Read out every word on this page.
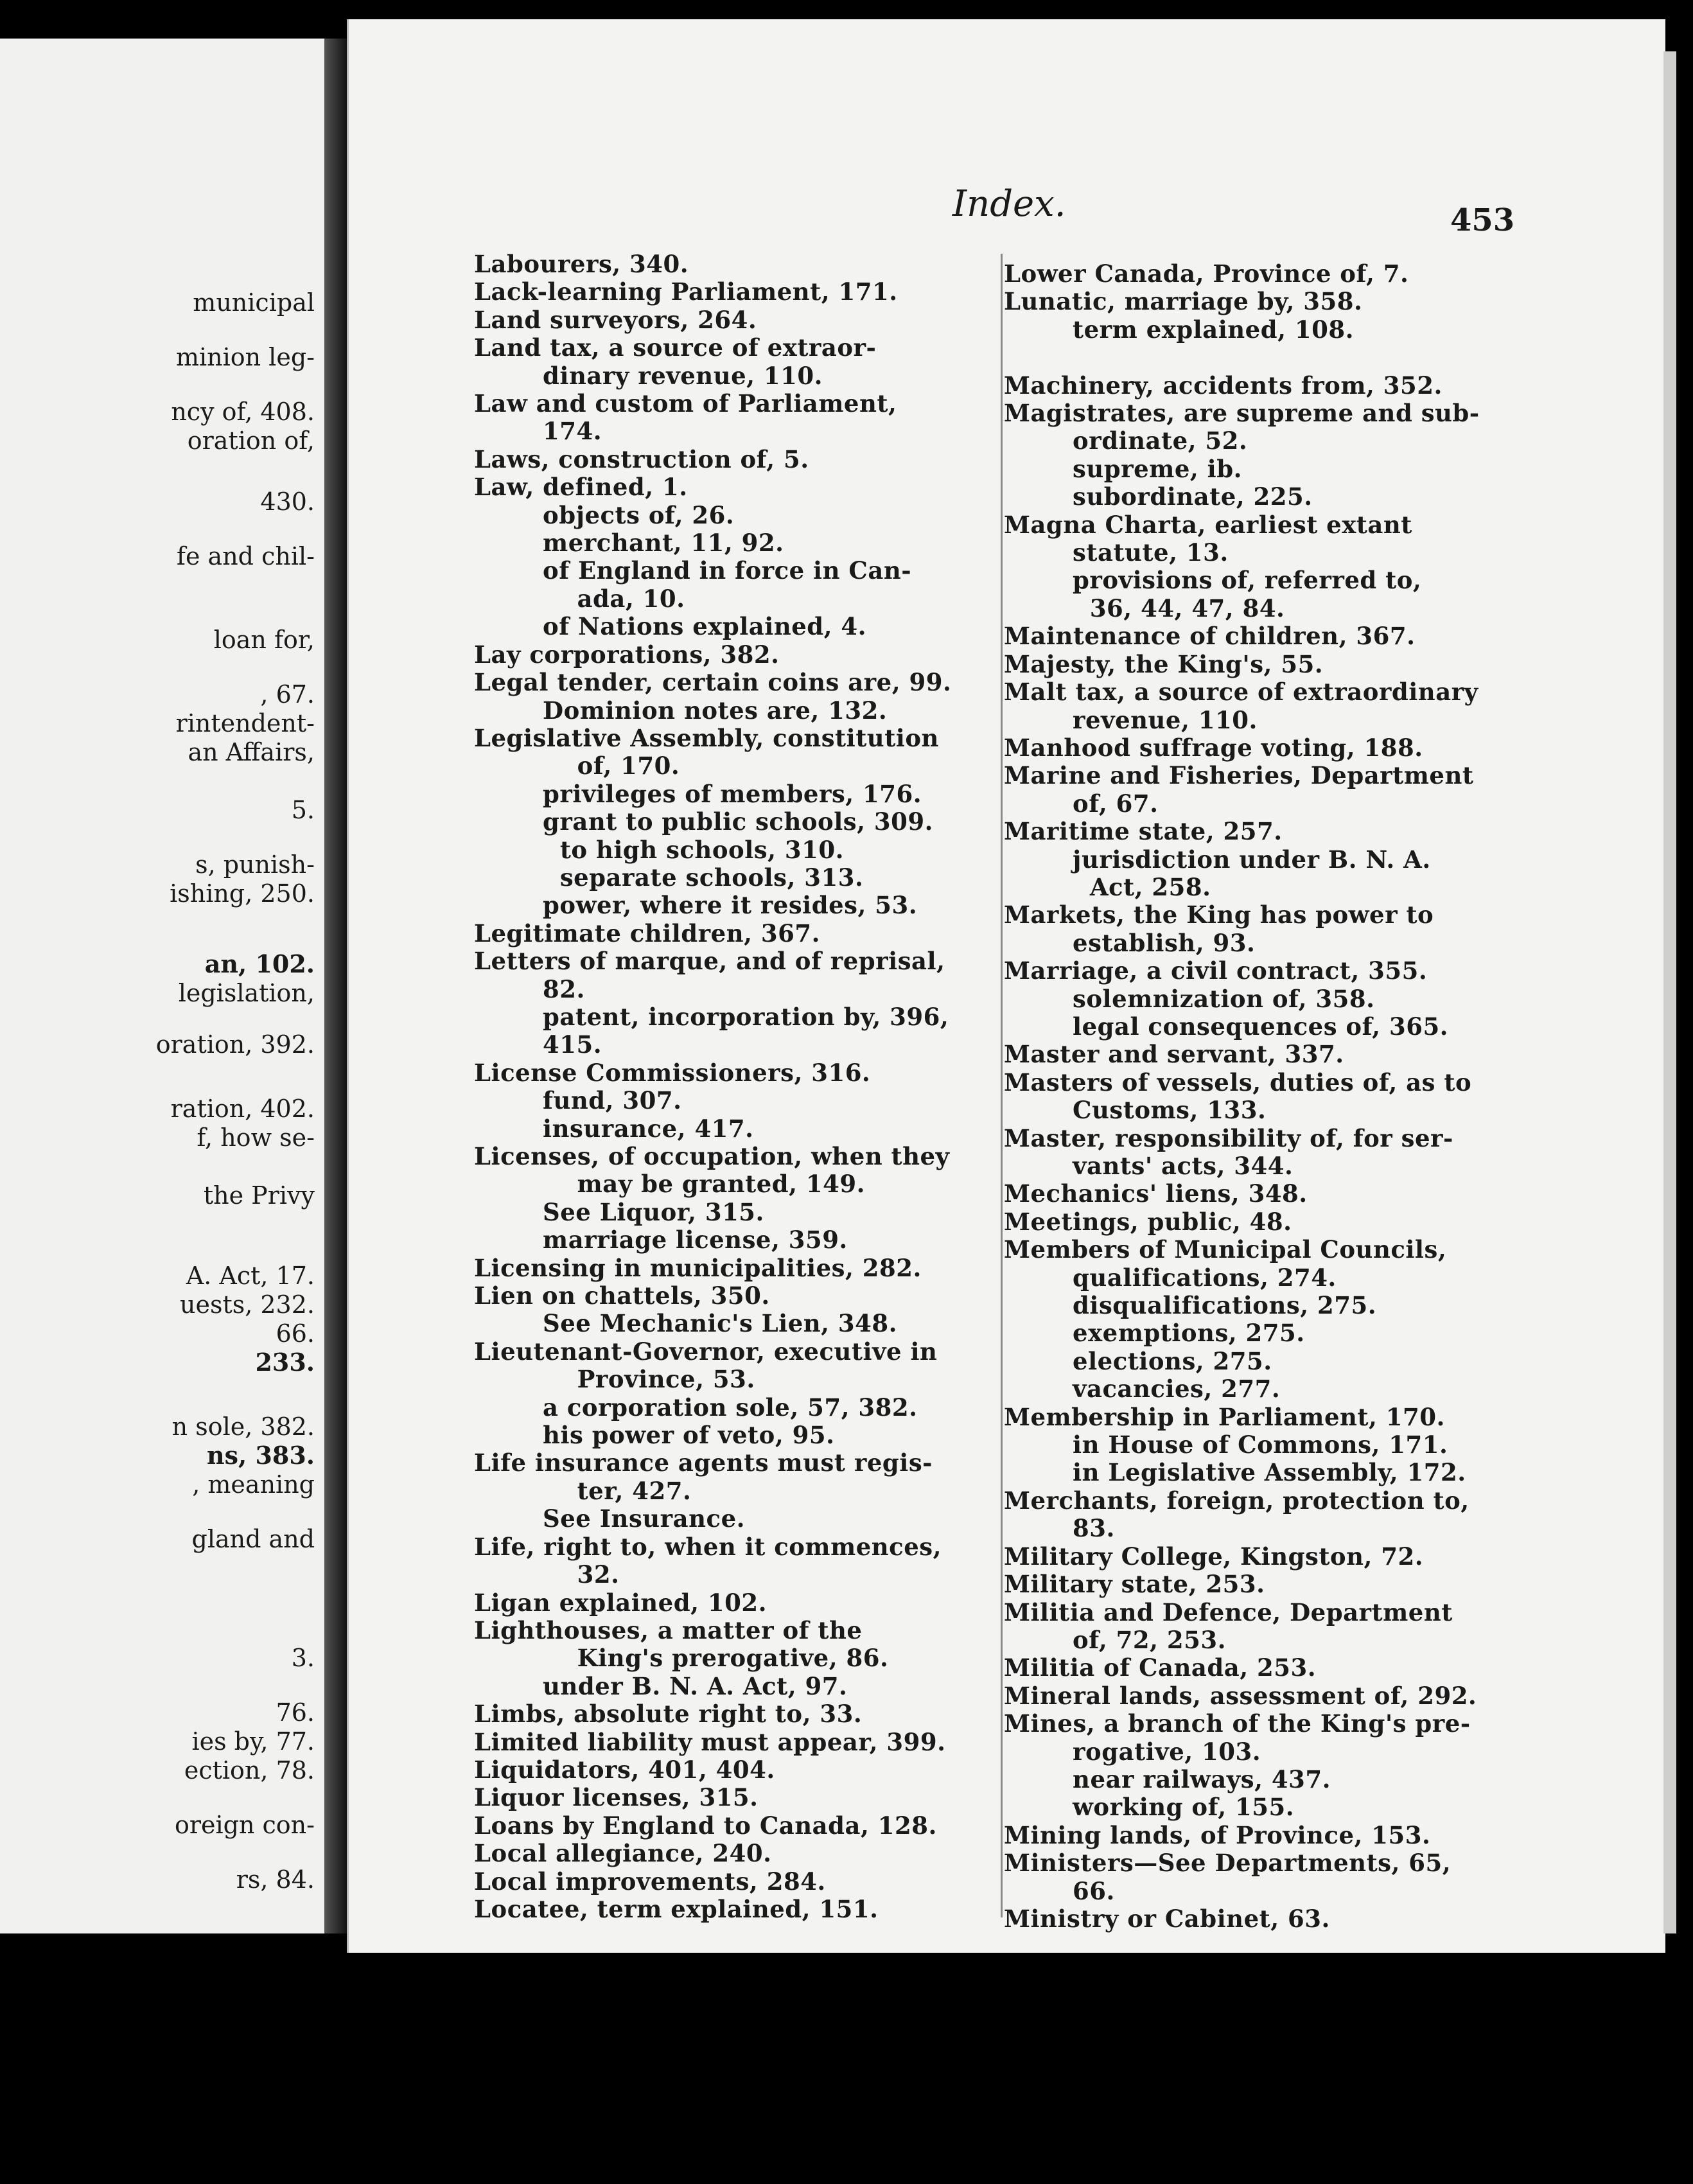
municipal
minion leg-
ncy of, 408.
oration of,
430.
fe and chil-
loan for,
, 67.
rintendent-
an Affairs,
5.
s, punish-
ishing, 250.
an, 102.
legislation,
oration, 392.
ration, 402.
f, how se-
the Privy
A. Act, 17.
uests, 232.
66.
233.
n sole, 382.
ns, 383.
, meaning
gland and
3.
76.
ies by, 77.
ection, 78.
oreign con-
rs, 84.
Index.	453
Labourers, 340.
Lack-learning Parliament, 171.
Land surveyors, 264.
Land tax, a source of extraor-
dinary revenue, 110.
Law and custom of Parliament,
174.
Laws, construction of, 5.
Law, defined, 1.
objects of, 26.
merchant, 11, 92.
of England in force in Can-
ada, 10.
of Nations explained, 4.
Lay corporations, 382.
Legal tender, certain coins are, 99.
Dominion notes are, 132.
Legislative Assembly, constitution
of, 170.
privileges of members, 176.
grant to public schools, 309.
to high schools, 310.
separate schools, 313.
power, where it resides, 53.
Legitimate children, 367.
Letters of marque, and of reprisal,
82.
patent, incorporation by, 396,
415.
License Commissioners, 316.
fund, 307.
insurance, 417.
Licenses, of occupation, when they
may be granted, 149.
See Liquor, 315.
marriage license, 359.
Licensing in municipalities, 282.
Lien on chattels, 350.
See Mechanic's Lien, 348.
Lieutenant-Governor, executive in
Province, 53.
a corporation sole, 57, 382.
his power of veto, 95.
Life insurance agents must regis-
ter, 427.
See Insurance.
Life, right to, when it commences,
32.
Ligan explained, 102.
Lighthouses, a matter of the
King's prerogative, 86.
under B. N. A. Act, 97.
Limbs, absolute right to, 33.
Limited liability must appear, 399.
Liquidators, 401, 404.
Liquor licenses, 315.
Loans by England to Canada, 128.
Local allegiance, 240.
Local improvements, 284.
Locatee, term explained, 151.
Lower Canada, Province of, 7.
Lunatic, marriage by, 358.
term explained, 108.

Machinery, accidents from, 352.
Magistrates, are supreme and sub-
ordinate, 52.
supreme, ib.
subordinate, 225.
Magna Charta, earliest extant
statute, 13.
provisions of, referred to,
36, 44, 47, 84.
Maintenance of children, 367.
Majesty, the King's, 55.
Malt tax, a source of extraordinary
revenue, 110.
Manhood suffrage voting, 188.
Marine and Fisheries, Department
of, 67.
Maritime state, 257.
jurisdiction under B. N. A.
Act, 258.
Markets, the King has power to
establish, 93.
Marriage, a civil contract, 355.
solemnization of, 358.
legal consequences of, 365.
Master and servant, 337.
Masters of vessels, duties of, as to
Customs, 133.
Master, responsibility of, for ser-
vants' acts, 344.
Mechanics' liens, 348.
Meetings, public, 48.
Members of Municipal Councils,
qualifications, 274.
disqualifications, 275.
exemptions, 275.
elections, 275.
vacancies, 277.
Membership in Parliament, 170.
in House of Commons, 171.
in Legislative Assembly, 172.
Merchants, foreign, protection to,
83.
Military College, Kingston, 72.
Military state, 253.
Militia and Defence, Department
of, 72, 253.
Militia of Canada, 253.
Mineral lands, assessment of, 292.
Mines, a branch of the King's pre-
rogative, 103.
near railways, 437.
working of, 155.
Mining lands, of Province, 153.
Ministers—See Departments, 65,
66.
Ministry or Cabinet, 63.
